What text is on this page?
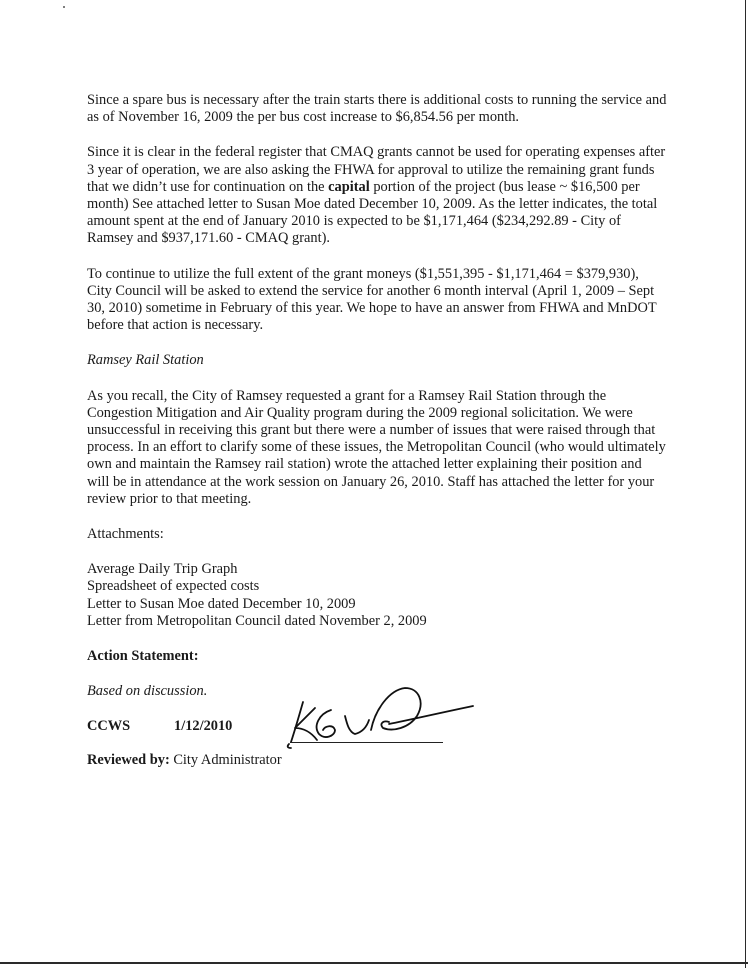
Since a spare bus is necessary after the train starts there is additional costs to running the service and as of November 16, 2009 the per bus cost increase to $6,854.56 per month.

Since it is clear in the federal register that CMAQ grants cannot be used for operating expenses after 3 year of operation, we are also asking the FHWA for approval to utilize the remaining grant funds that we didn’t use for continuation on the capital portion of the project (bus lease ~ $16,500 per month) See attached letter to Susan Moe dated December 10, 2009. As the letter indicates, the total amount spent at the end of January 2010 is expected to be $1,171,464 ($234,292.89 - City of Ramsey and $937,171.60 - CMAQ grant).

To continue to utilize the full extent of the grant moneys ($1,551,395 - $1,171,464 = $379,930), City Council will be asked to extend the service for another 6 month interval (April 1, 2009 – Sept 30, 2010) sometime in February of this year. We hope to have an answer from FHWA and MnDOT before that action is necessary.

Ramsey Rail Station

As you recall, the City of Ramsey requested a grant for a Ramsey Rail Station through the Congestion Mitigation and Air Quality program during the 2009 regional solicitation. We were unsuccessful in receiving this grant but there were a number of issues that were raised through that process. In an effort to clarify some of these issues, the Metropolitan Council (who would ultimately own and maintain the Ramsey rail station) wrote the attached letter explaining their position and will be in attendance at the work session on January 26, 2010. Staff has attached the letter for your review prior to that meeting.

Attachments:

Average Daily Trip Graph

Spreadsheet of expected costs

Letter to Susan Moe dated December 10, 2009

Letter from Metropolitan Council dated November 2, 2009

Action Statement:

Based on discussion.

CCWS	1/12/2010
Reviewed by: City Administrator
